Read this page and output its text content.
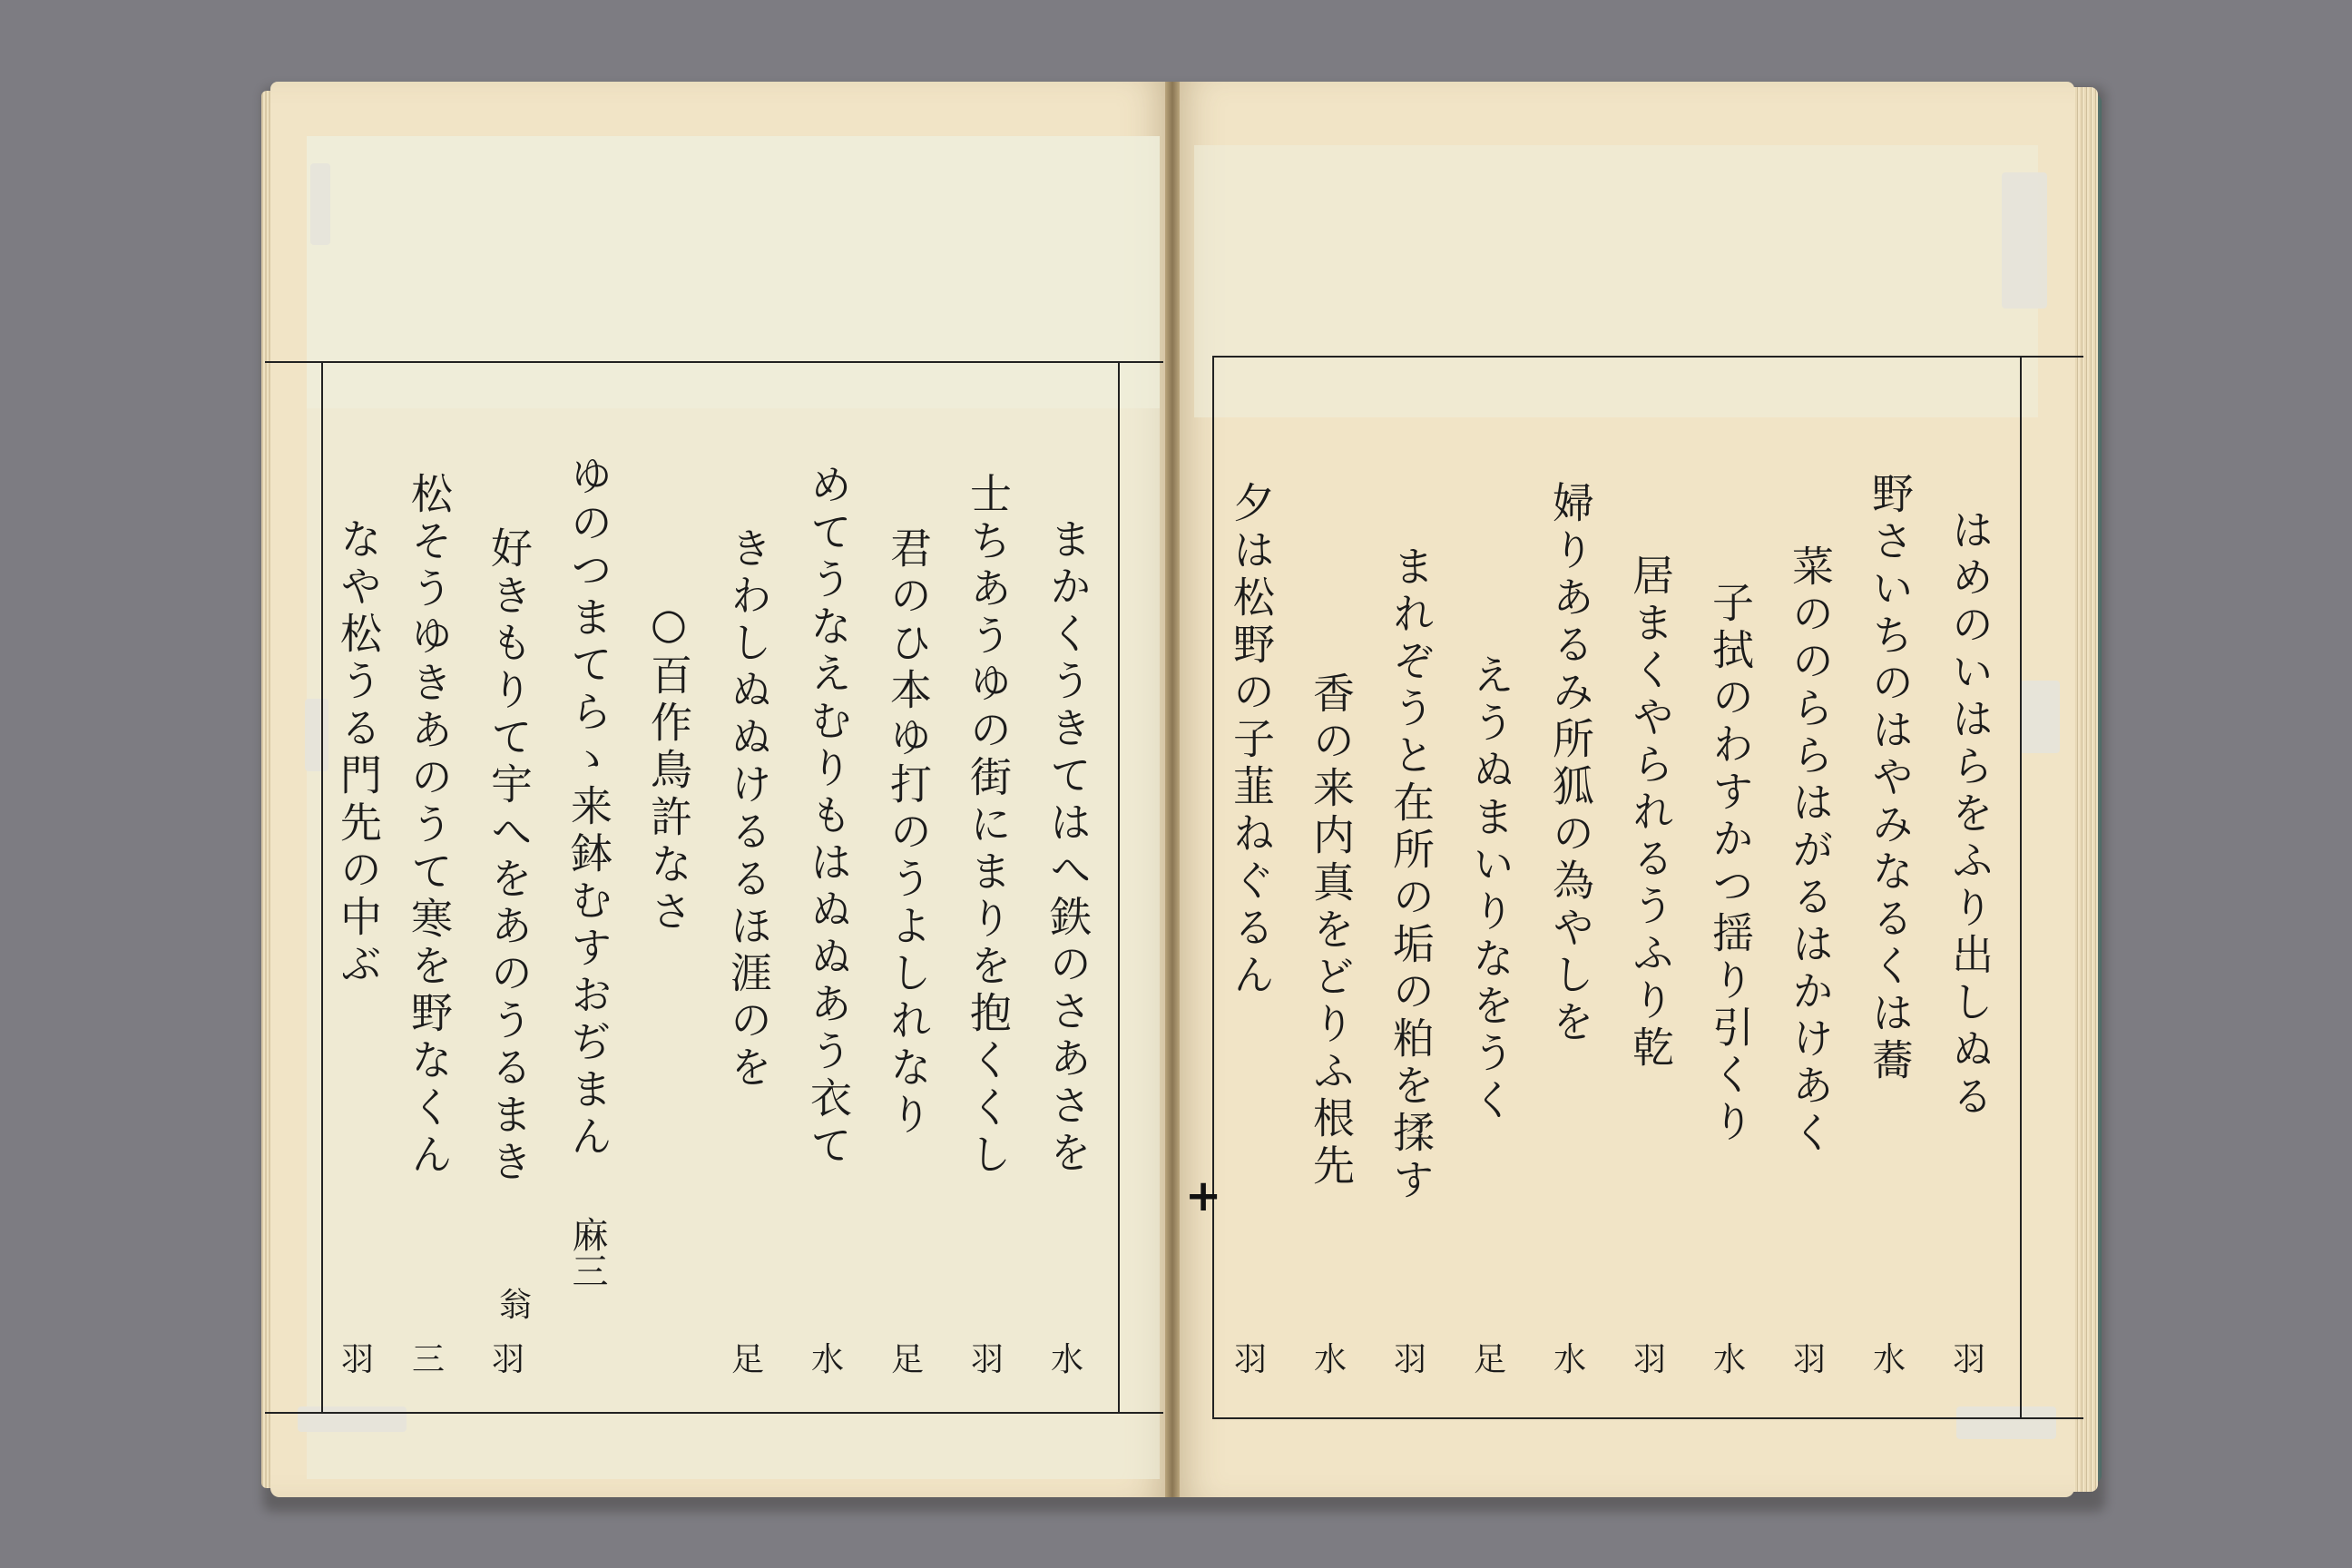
はめのいはらをふり出しぬる
野さいちのはやみなるくは蕎
菜ののららはがるはかけあく
子拭のわすかつ揺り引くり
居まくやられるうふり乾
婦りあるみ所狐の為やしを
えうぬまいりなをうく
まれぞうと在所の垢の粕を揉す
香の来内真をどりふ根先
夕は松野の子韮ねぐるん
羽
水
羽
水
羽
水
足
羽
水
羽
まかくうきてはへ鉄のさあさを
士ちあうゆの街にまりを抱くくし
君のひ本ゆ打のうよしれなり
めてうなえむりもはぬぬあう衣て
きわしぬぬけるるほ涯のを
○百作鳥許なさ
ゆのつまてらゝ来鉢むすおぢまん
好きもりて宇へをあのうるまき
松そうゆきあのうて寒を野なくん
なや松うる門先の中ぶ
麻三
翁
水
羽
足
水
足
羽
三
羽
+
